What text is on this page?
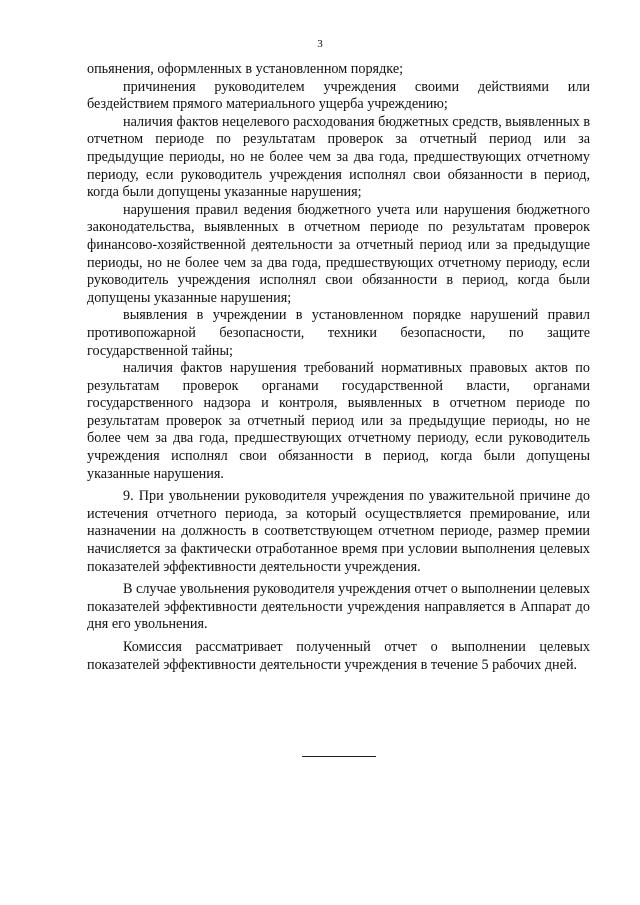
3

опьянения, оформленных в установленном порядке;

причинения руководителем учреждения своими действиями или бездействием прямого материального ущерба учреждению;

наличия фактов нецелевого расходования бюджетных средств, выявленных в отчетном периоде по результатам проверок за отчетный период или за предыдущие периоды, но не более чем за два года, предшествующих отчетному периоду, если руководитель учреждения исполнял свои обязанности в период, когда были допущены указанные нарушения;

нарушения правил ведения бюджетного учета или нарушения бюджетного законодательства, выявленных в отчетном периоде по результатам проверок финансово-хозяйственной деятельности за отчетный период или за предыдущие периоды, но не более чем за два года, предшествующих отчетному периоду, если руководитель учреждения исполнял свои обязанности в период, когда были допущены указанные нарушения;

выявления в учреждении в установленном порядке нарушений правил противопожарной безопасности, техники безопасности, по защите государственной тайны;

наличия фактов нарушения требований нормативных правовых актов по результатам проверок органами государственной власти, органами государственного надзора и контроля, выявленных в отчетном периоде по результатам проверок за отчетный период или за предыдущие периоды, но не более чем за два года, предшествующих отчетному периоду, если руководитель учреждения исполнял свои обязанности в период, когда были допущены указанные нарушения.

9. При увольнении руководителя учреждения по уважительной причине до истечения отчетного периода, за который осуществляется премирование, или назначении на должность в соответствующем отчетном периоде, размер премии начисляется за фактически отработанное время при условии выполнения целевых показателей эффективности деятельности учреждения.

В случае увольнения руководителя учреждения отчет о выполнении целевых показателей эффективности деятельности учреждения направляется в Аппарат до дня его увольнения.

Комиссия рассматривает полученный отчет о выполнении целевых показателей эффективности деятельности учреждения в течение 5 рабочих дней.
